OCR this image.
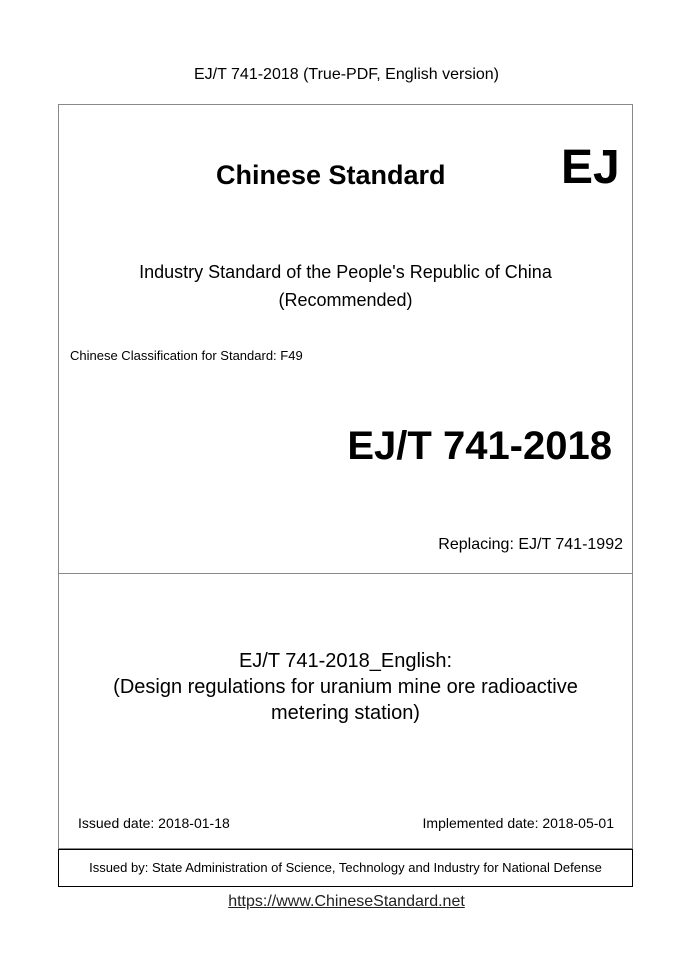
EJ/T 741-2018 (True-PDF, English version)
Chinese Standard EJ
Industry Standard of the People's Republic of China
(Recommended)
Chinese Classification for Standard: F49
EJ/T 741-2018
Replacing: EJ/T 741-1992
EJ/T 741-2018_English:
(Design regulations for uranium mine ore radioactive
metering station)
Issued date: 2018-01-18	Implemented date: 2018-05-01
Issued by: State Administration of Science, Technology and Industry for National Defense
https://www.ChineseStandard.net
